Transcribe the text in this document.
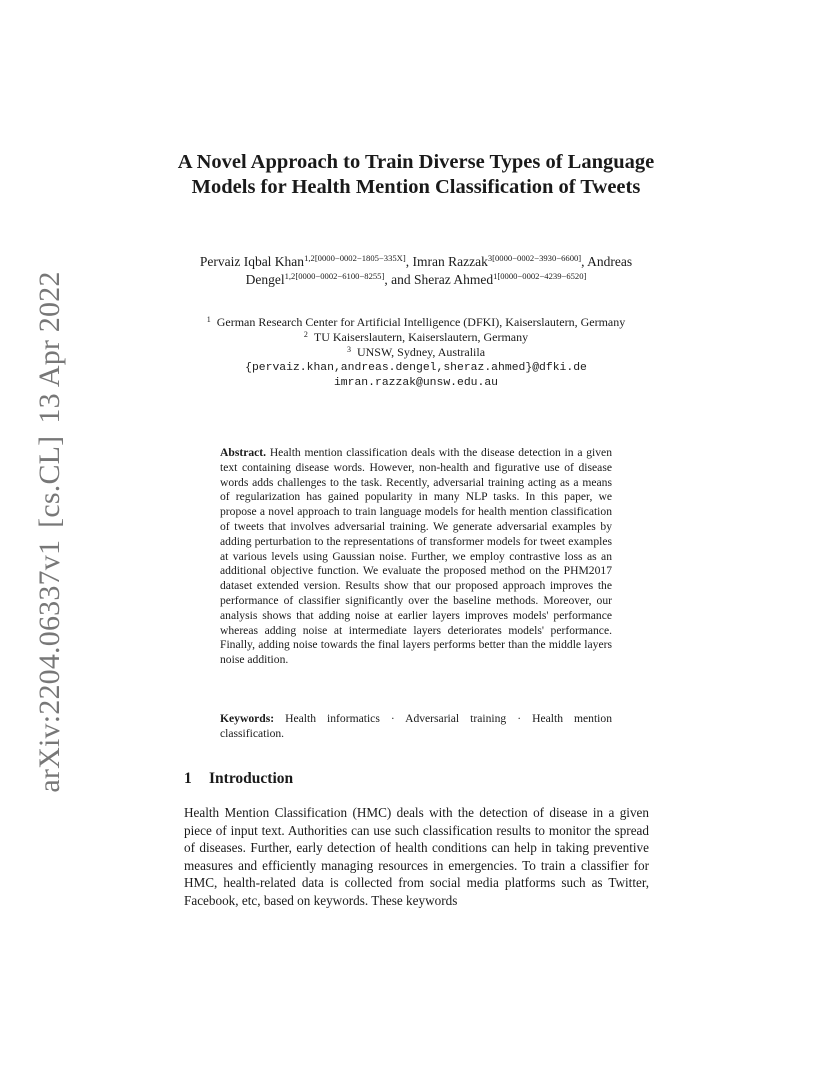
arXiv:2204.06337v1[cs.CL]13 Apr 2022
A Novel Approach to Train Diverse Types of Language Models for Health Mention Classification of Tweets
Pervaiz Iqbal Khan$^{1,2[0000-0002-1805-335X]}$, Imran Razzak$^{3[0000-0002-3930-6600]}$, Andreas Dengel$^{1,2[0000-0002-6100-8255]}$, and Sheraz Ahmed$^{1[0000-0002-4239-6520]}$
$^1$ German Research Center for Artificial Intelligence (DFKI), Kaiserslautern, Germany
$^2$ TU Kaiserslautern, Kaiserslautern, Germany
$^3$ UNSW, Sydney, Australila
{pervaiz.khan,andreas.dengel,sheraz.ahmed}@dfki.de
imran.razzak@unsw.edu.au
Abstract. Health mention classification deals with the disease detection in a given text containing disease words. However, non-health and figurative use of disease words adds challenges to the task. Recently, adversarial training acting as a means of regularization has gained popularity in many NLP tasks. In this paper, we propose a novel approach to train language models for health mention classification of tweets that involves adversarial training. We generate adversarial examples by adding perturbation to the representations of transformer models for tweet examples at various levels using Gaussian noise. Further, we employ contrastive loss as an additional objective function. We evaluate the proposed method on the PHM2017 dataset extended version. Results show that our proposed approach improves the performance of classifier significantly over the baseline methods. Moreover, our analysis shows that adding noise at earlier layers improves models' performance whereas adding noise at intermediate layers deteriorates models' performance. Finally, adding noise towards the final layers performs better than the middle layers noise addition.
Keywords: Health informatics · Adversarial training · Health mention classification.
1 Introduction
Health Mention Classification (HMC) deals with the detection of disease in a given piece of input text. Authorities can use such classification results to monitor the spread of diseases. Further, early detection of health conditions can help in taking preventive measures and efficiently managing resources in emergencies. To train a classifier for HMC, health-related data is collected from social media platforms such as Twitter, Facebook, etc, based on keywords. These keywords
